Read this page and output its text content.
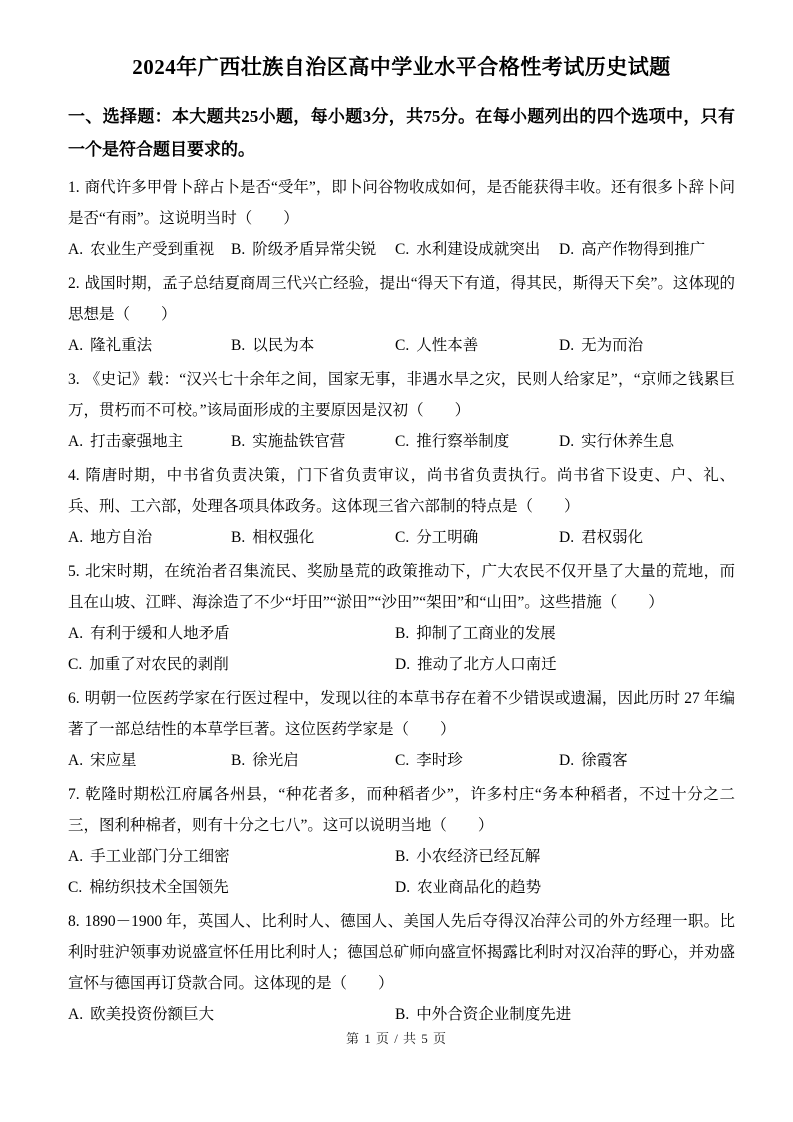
2024年广西壮族自治区高中学业水平合格性考试历史试题

一、选择题：本大题共25小题，每小题3分，共75分。在每小题列出的四个选项中，只有一个是符合题目要求的。

1. 商代许多甲骨卜辞占卜是否“受年”，即卜问谷物收成如何，是否能获得丰收。还有很多卜辞卜问是否“有雨”。这说明当时（　　）

A. 农业生产受到重视	B. 阶级矛盾异常尖锐	C. 水利建设成就突出	D. 高产作物得到推广

2. 战国时期，孟子总结夏商周三代兴亡经验，提出“得天下有道，得其民，斯得天下矣”。这体现的思想是（　　）

A. 隆礼重法	B. 以民为本	C. 人性本善	D. 无为而治

3. 《史记》载：“汉兴七十余年之间，国家无事，非遇水旱之灾，民则人给家足”，“京师之钱累巨万，贯朽而不可校。”该局面形成的主要原因是汉初（　　）

A. 打击豪强地主	B. 实施盐铁官营	C. 推行察举制度	D. 实行休养生息

4. 隋唐时期，中书省负责决策，门下省负责审议，尚书省负责执行。尚书省下设吏、户、礼、兵、刑、工六部，处理各项具体政务。这体现三省六部制的特点是（　　）

A. 地方自治	B. 相权强化	C. 分工明确	D. 君权弱化

5. 北宋时期，在统治者召集流民、奖励垦荒的政策推动下，广大农民不仅开垦了大量的荒地，而且在山坡、江畔、海涂造了不少“圩田”“淤田”“沙田”“架田”和“山田”。这些措施（　　）

A. 有利于缓和人地矛盾	B. 抑制了工商业的发展
C. 加重了对农民的剥削	D. 推动了北方人口南迁

6. 明朝一位医药学家在行医过程中，发现以往的本草书存在着不少错误或遗漏，因此历时 27 年编著了一部总结性的本草学巨著。这位医药学家是（　　）

A. 宋应星	B. 徐光启	C. 李时珍	D. 徐霞客

7. 乾隆时期松江府属各州县，“种花者多，而种稻者少”，许多村庄“务本种稻者，不过十分之二三，图利种棉者，则有十分之七八”。这可以说明当地（　　）

A. 手工业部门分工细密	B. 小农经济已经瓦解
C. 棉纺织技术全国领先	D. 农业商品化的趋势

8. 1890－1900 年，英国人、比利时人、德国人、美国人先后夺得汉冶萍公司的外方经理一职。比利时驻沪领事劝说盛宣怀任用比利时人；德国总矿师向盛宣怀揭露比利时对汉冶萍的野心，并劝盛宣怀与德国再订贷款合同。这体现的是（　　）

A. 欧美投资份额巨大	B. 中外合资企业制度先进
第 1 页 / 共 5 页
